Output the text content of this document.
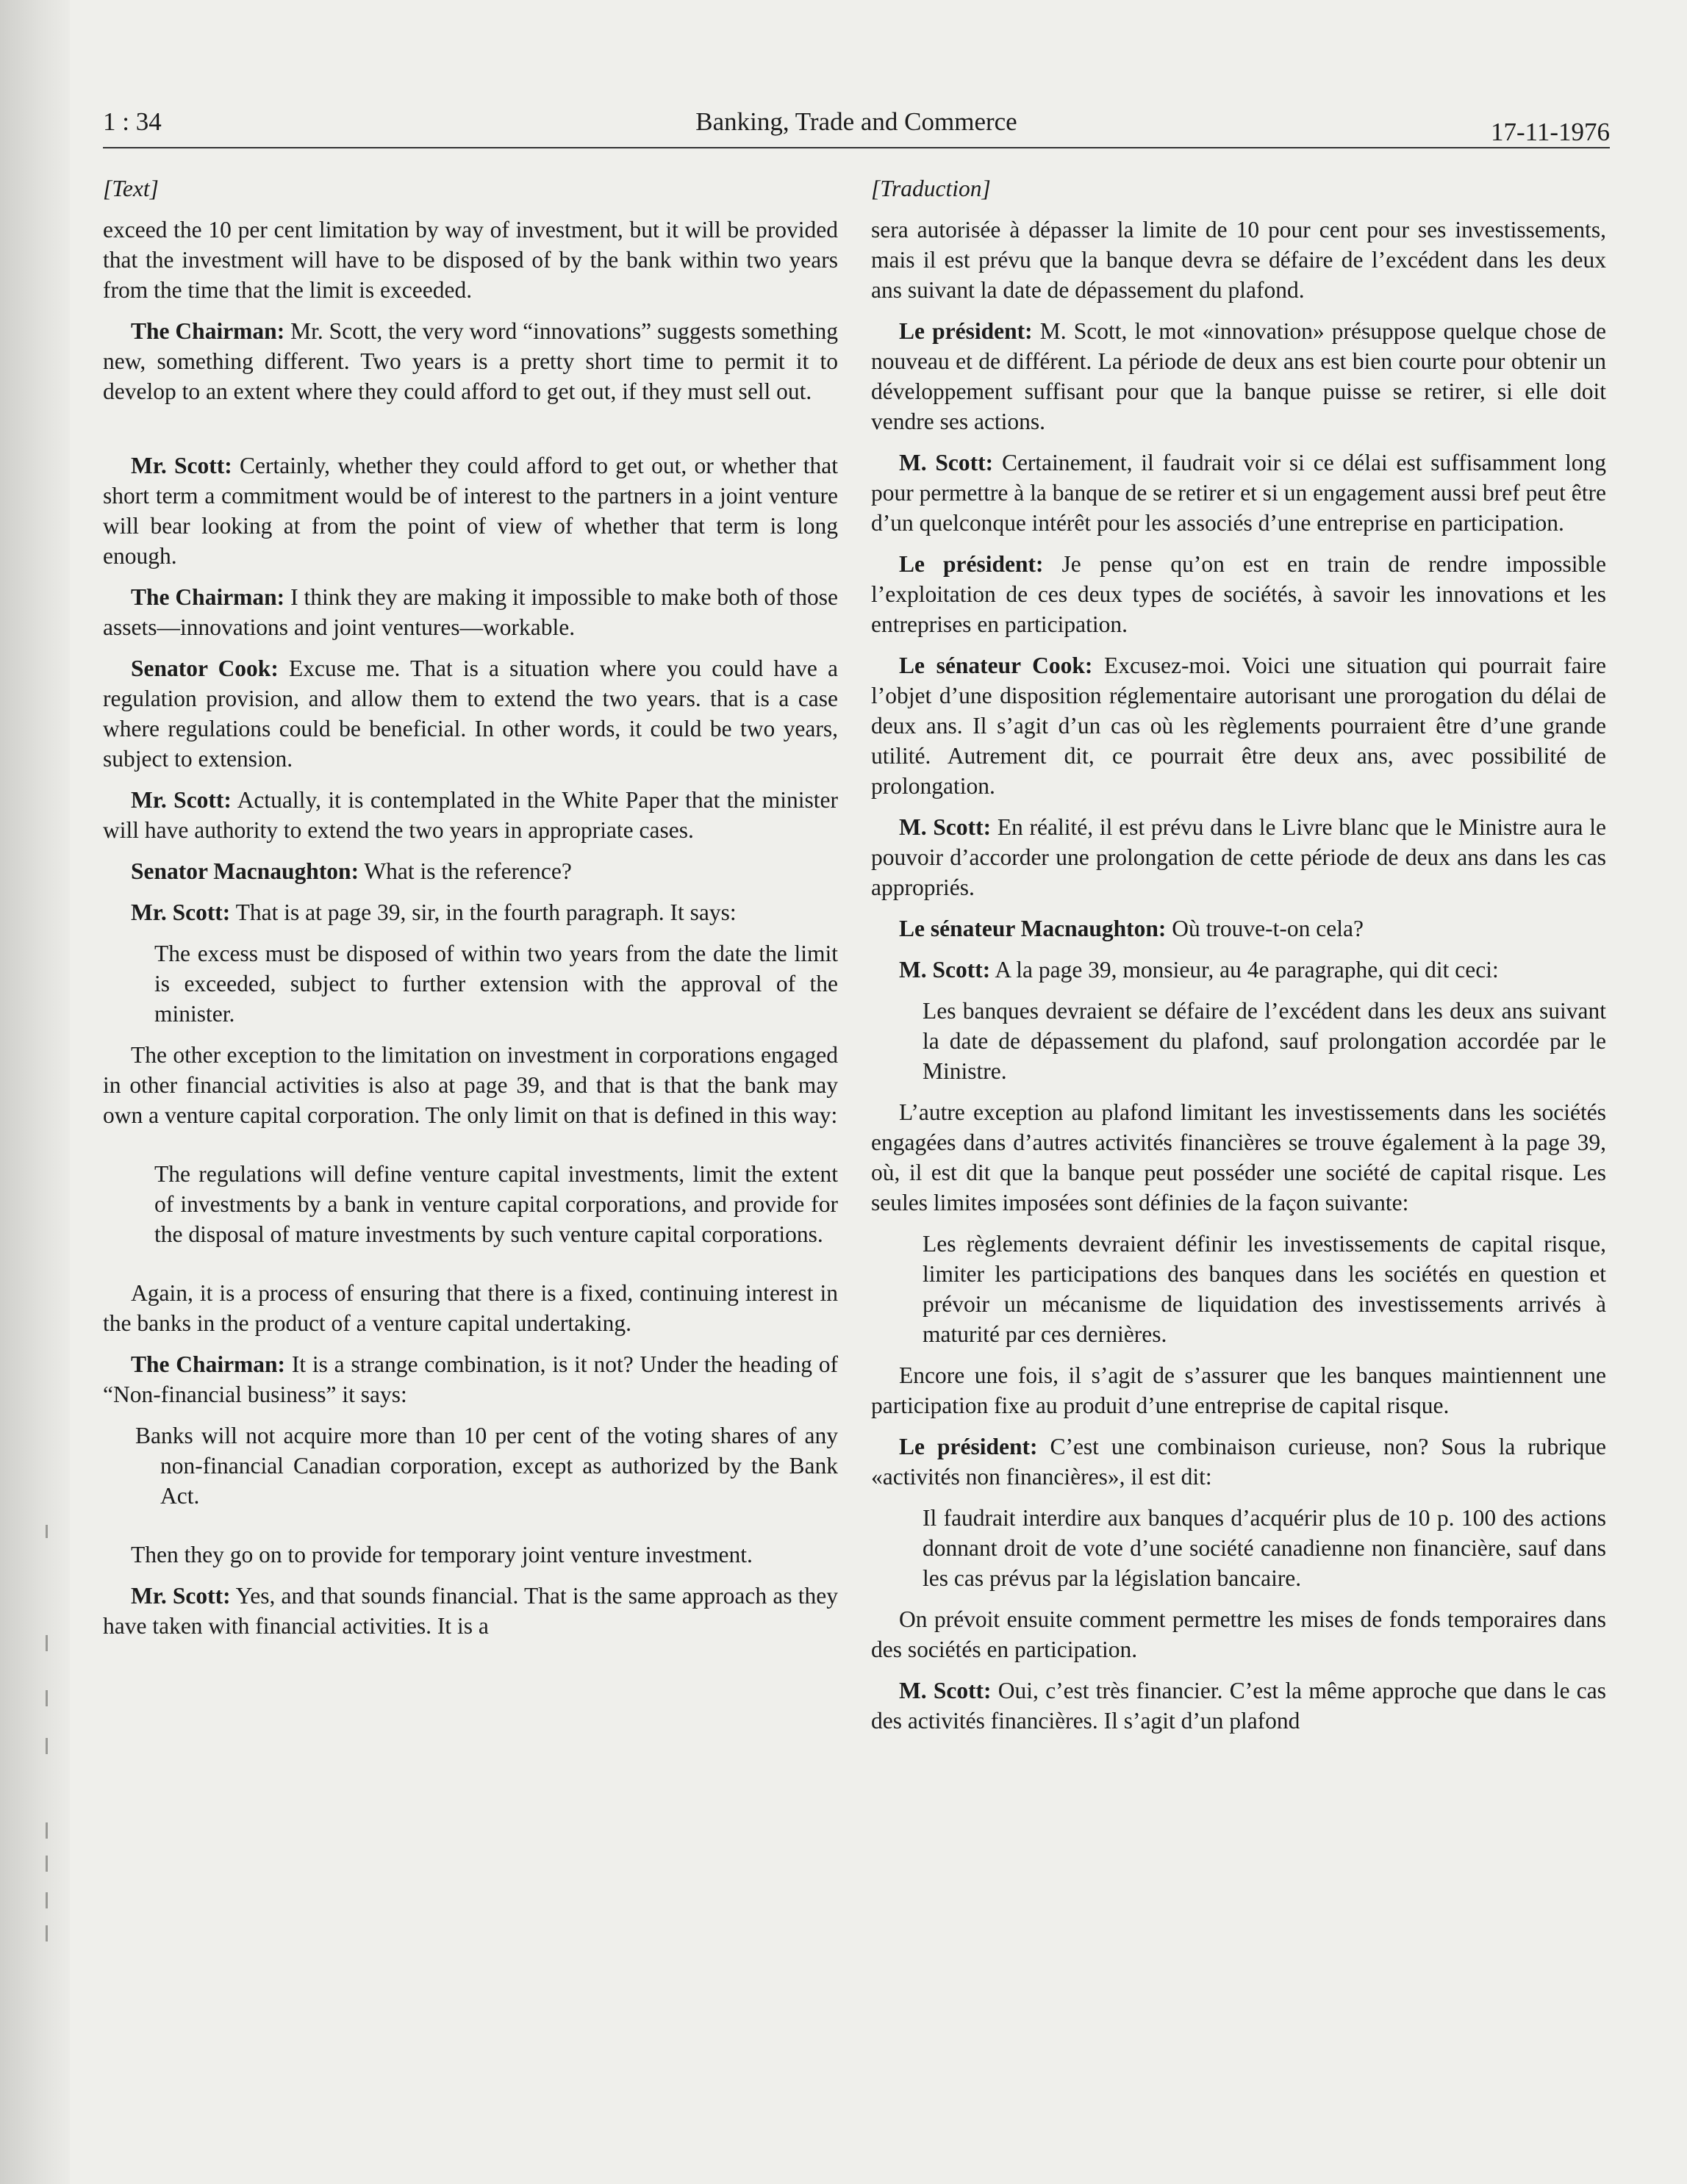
1 : 34	Banking, Trade and Commerce	17-11-1976

[Text]

exceed the 10 per cent limitation by way of investment, but it will be provided that the investment will have to be disposed of by the bank within two years from the time that the limit is exceeded.

The Chairman: Mr. Scott, the very word “innovations” suggests something new, something different. Two years is a pretty short time to permit it to develop to an extent where they could afford to get out, if they must sell out.

Mr. Scott: Certainly, whether they could afford to get out, or whether that short term a commitment would be of interest to the partners in a joint venture will bear looking at from the point of view of whether that term is long enough.

The Chairman: I think they are making it impossible to make both of those assets—innovations and joint ventures—workable.

Senator Cook: Excuse me. That is a situation where you could have a regulation provision, and allow them to extend the two years. that is a case where regulations could be beneficial. In other words, it could be two years, subject to extension.

Mr. Scott: Actually, it is contemplated in the White Paper that the minister will have authority to extend the two years in appropriate cases.

Senator Macnaughton: What is the reference?

Mr. Scott: That is at page 39, sir, in the fourth paragraph. It says:

The excess must be disposed of within two years from the date the limit is exceeded, subject to further extension with the approval of the minister.

The other exception to the limitation on investment in corporations engaged in other financial activities is also at page 39, and that is that the bank may own a venture capital corporation. The only limit on that is defined in this way:

The regulations will define venture capital investments, limit the extent of investments by a bank in venture capital corporations, and provide for the disposal of mature investments by such venture capital corporations.

Again, it is a process of ensuring that there is a fixed, continuing interest in the banks in the product of a venture capital undertaking.

The Chairman: It is a strange combination, is it not? Under the heading of “Non-financial business” it says:

Banks will not acquire more than 10 per cent of the voting shares of any non-financial Canadian corporation, except as authorized by the Bank Act.

Then they go on to provide for temporary joint venture investment.

Mr. Scott: Yes, and that sounds financial. That is the same approach as they have taken with financial activities. It is a

[Traduction]

sera autorisée à dépasser la limite de 10 pour cent pour ses investissements, mais il est prévu que la banque devra se défaire de l’excédent dans les deux ans suivant la date de dépassement du plafond.

Le président: M. Scott, le mot «innovation» présuppose quelque chose de nouveau et de différent. La période de deux ans est bien courte pour obtenir un développement suffisant pour que la banque puisse se retirer, si elle doit vendre ses actions.

M. Scott: Certainement, il faudrait voir si ce délai est suffisamment long pour permettre à la banque de se retirer et si un engagement aussi bref peut être d’un quelconque intérêt pour les associés d’une entreprise en participation.

Le président: Je pense qu’on est en train de rendre impossible l’exploitation de ces deux types de sociétés, à savoir les innovations et les entreprises en participation.

Le sénateur Cook: Excusez-moi. Voici une situation qui pourrait faire l’objet d’une disposition réglementaire autorisant une prorogation du délai de deux ans. Il s’agit d’un cas où les règlements pourraient être d’une grande utilité. Autrement dit, ce pourrait être deux ans, avec possibilité de prolongation.

M. Scott: En réalité, il est prévu dans le Livre blanc que le Ministre aura le pouvoir d’accorder une prolongation de cette période de deux ans dans les cas appropriés.

Le sénateur Macnaughton: Où trouve-t-on cela?

M. Scott: A la page 39, monsieur, au 4e paragraphe, qui dit ceci:

Les banques devraient se défaire de l’excédent dans les deux ans suivant la date de dépassement du plafond, sauf prolongation accordée par le Ministre.

L’autre exception au plafond limitant les investissements dans les sociétés engagées dans d’autres activités financières se trouve également à la page 39, où, il est dit que la banque peut posséder une société de capital risque. Les seules limites imposées sont définies de la façon suivante:

Les règlements devraient définir les investissements de capital risque, limiter les participations des banques dans les sociétés en question et prévoir un mécanisme de liquidation des investissements arrivés à maturité par ces dernières.

Encore une fois, il s’agit de s’assurer que les banques maintiennent une participation fixe au produit d’une entreprise de capital risque.

Le président: C’est une combinaison curieuse, non? Sous la rubrique «activités non financières», il est dit:

Il faudrait interdire aux banques d’acquérir plus de 10 p. 100 des actions donnant droit de vote d’une société canadienne non financière, sauf dans les cas prévus par la législation bancaire.

On prévoit ensuite comment permettre les mises de fonds temporaires dans des sociétés en participation.

M. Scott: Oui, c’est très financier. C’est la même approche que dans le cas des activités financières. Il s’agit d’un plafond
